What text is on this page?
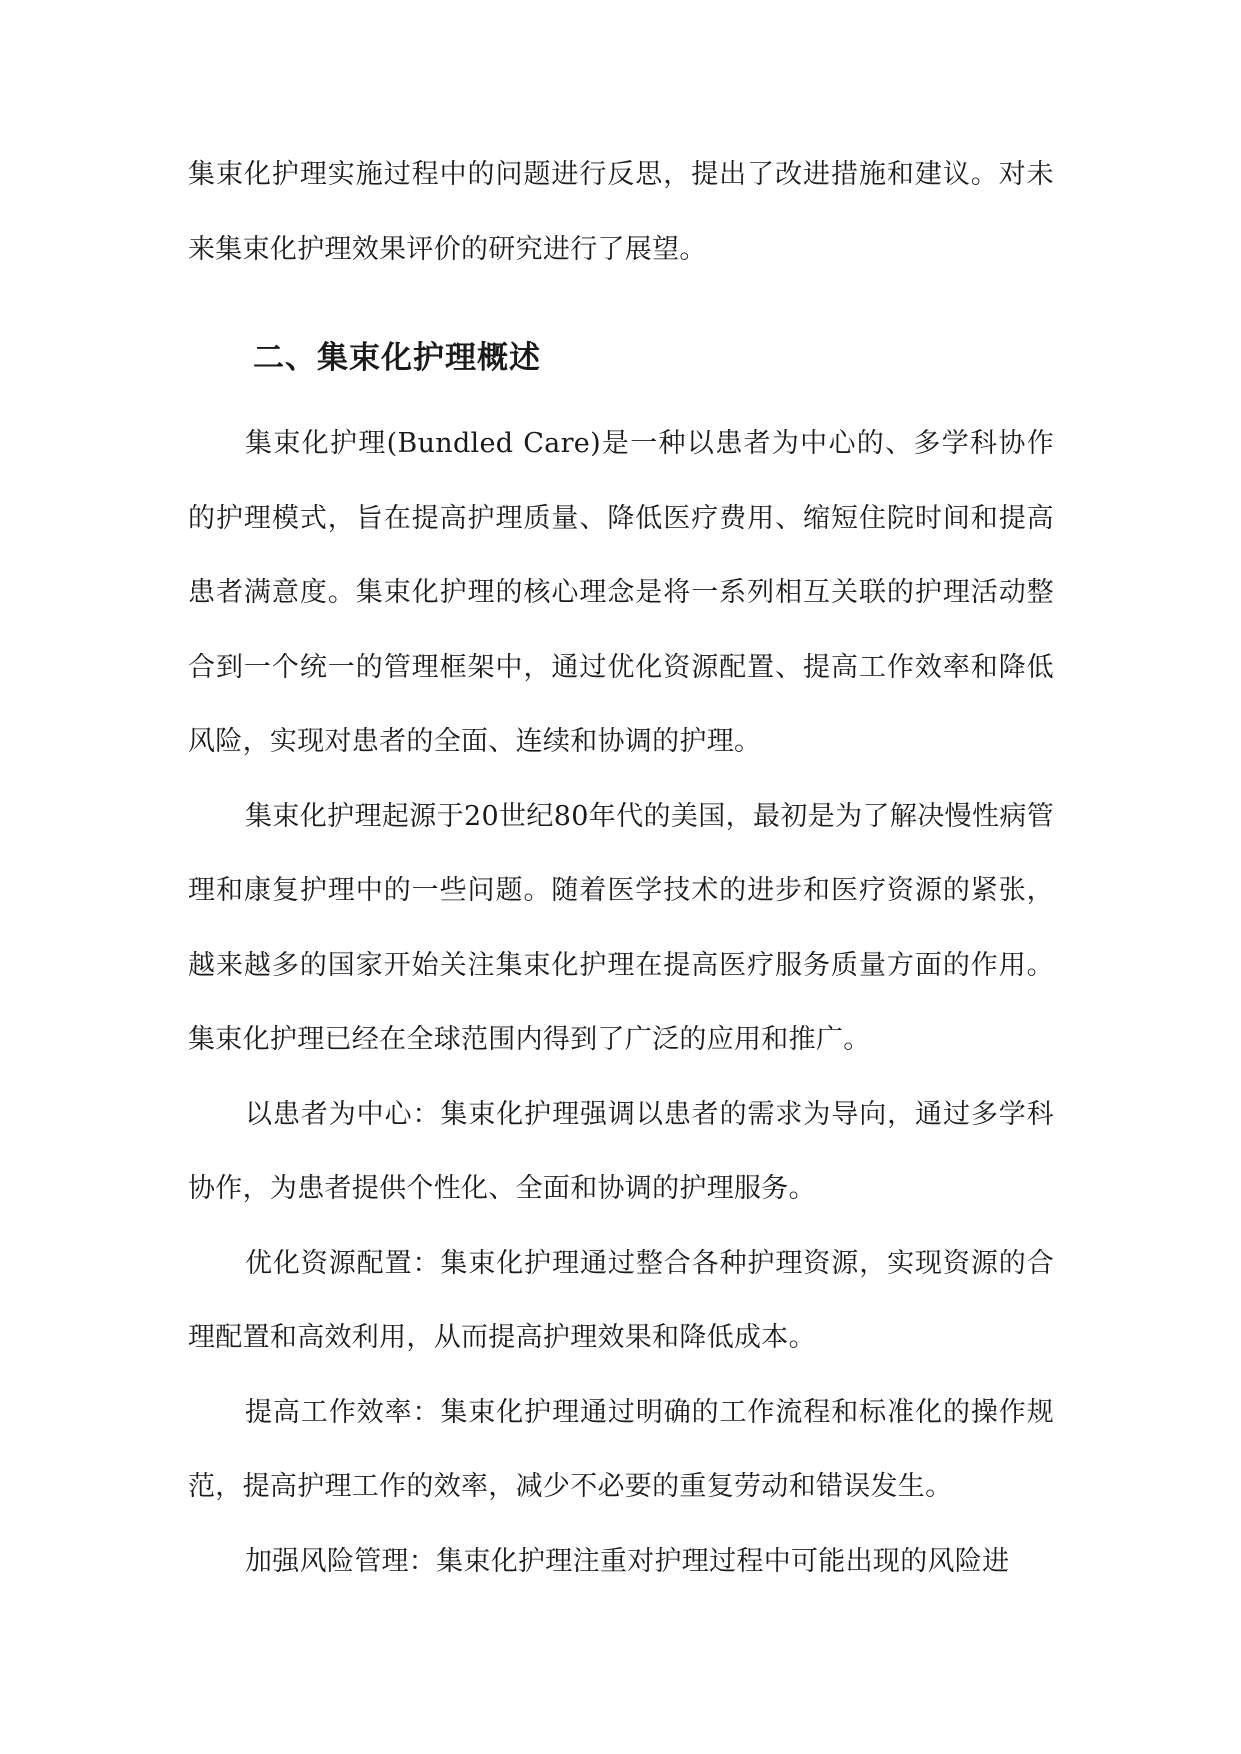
集束化护理实施过程中的问题进行反思，提出了改进措施和建议。对未来集束化护理效果评价的研究进行了展望。

二、集束化护理概述

集束化护理(Bundled Care)是一种以患者为中心的、多学科协作的护理模式，旨在提高护理质量、降低医疗费用、缩短住院时间和提高患者满意度。集束化护理的核心理念是将一系列相互关联的护理活动整合到一个统一的管理框架中，通过优化资源配置、提高工作效率和降低风险，实现对患者的全面、连续和协调的护理。

集束化护理起源于20世纪80年代的美国，最初是为了解决慢性病管理和康复护理中的一些问题。随着医学技术的进步和医疗资源的紧张，越来越多的国家开始关注集束化护理在提高医疗服务质量方面的作用。集束化护理已经在全球范围内得到了广泛的应用和推广。

以患者为中心：集束化护理强调以患者的需求为导向，通过多学科协作，为患者提供个性化、全面和协调的护理服务。

优化资源配置：集束化护理通过整合各种护理资源，实现资源的合理配置和高效利用，从而提高护理效果和降低成本。

提高工作效率：集束化护理通过明确的工作流程和标准化的操作规范，提高护理工作的效率，减少不必要的重复劳动和错误发生。

加强风险管理：集束化护理注重对护理过程中可能出现的风险进
